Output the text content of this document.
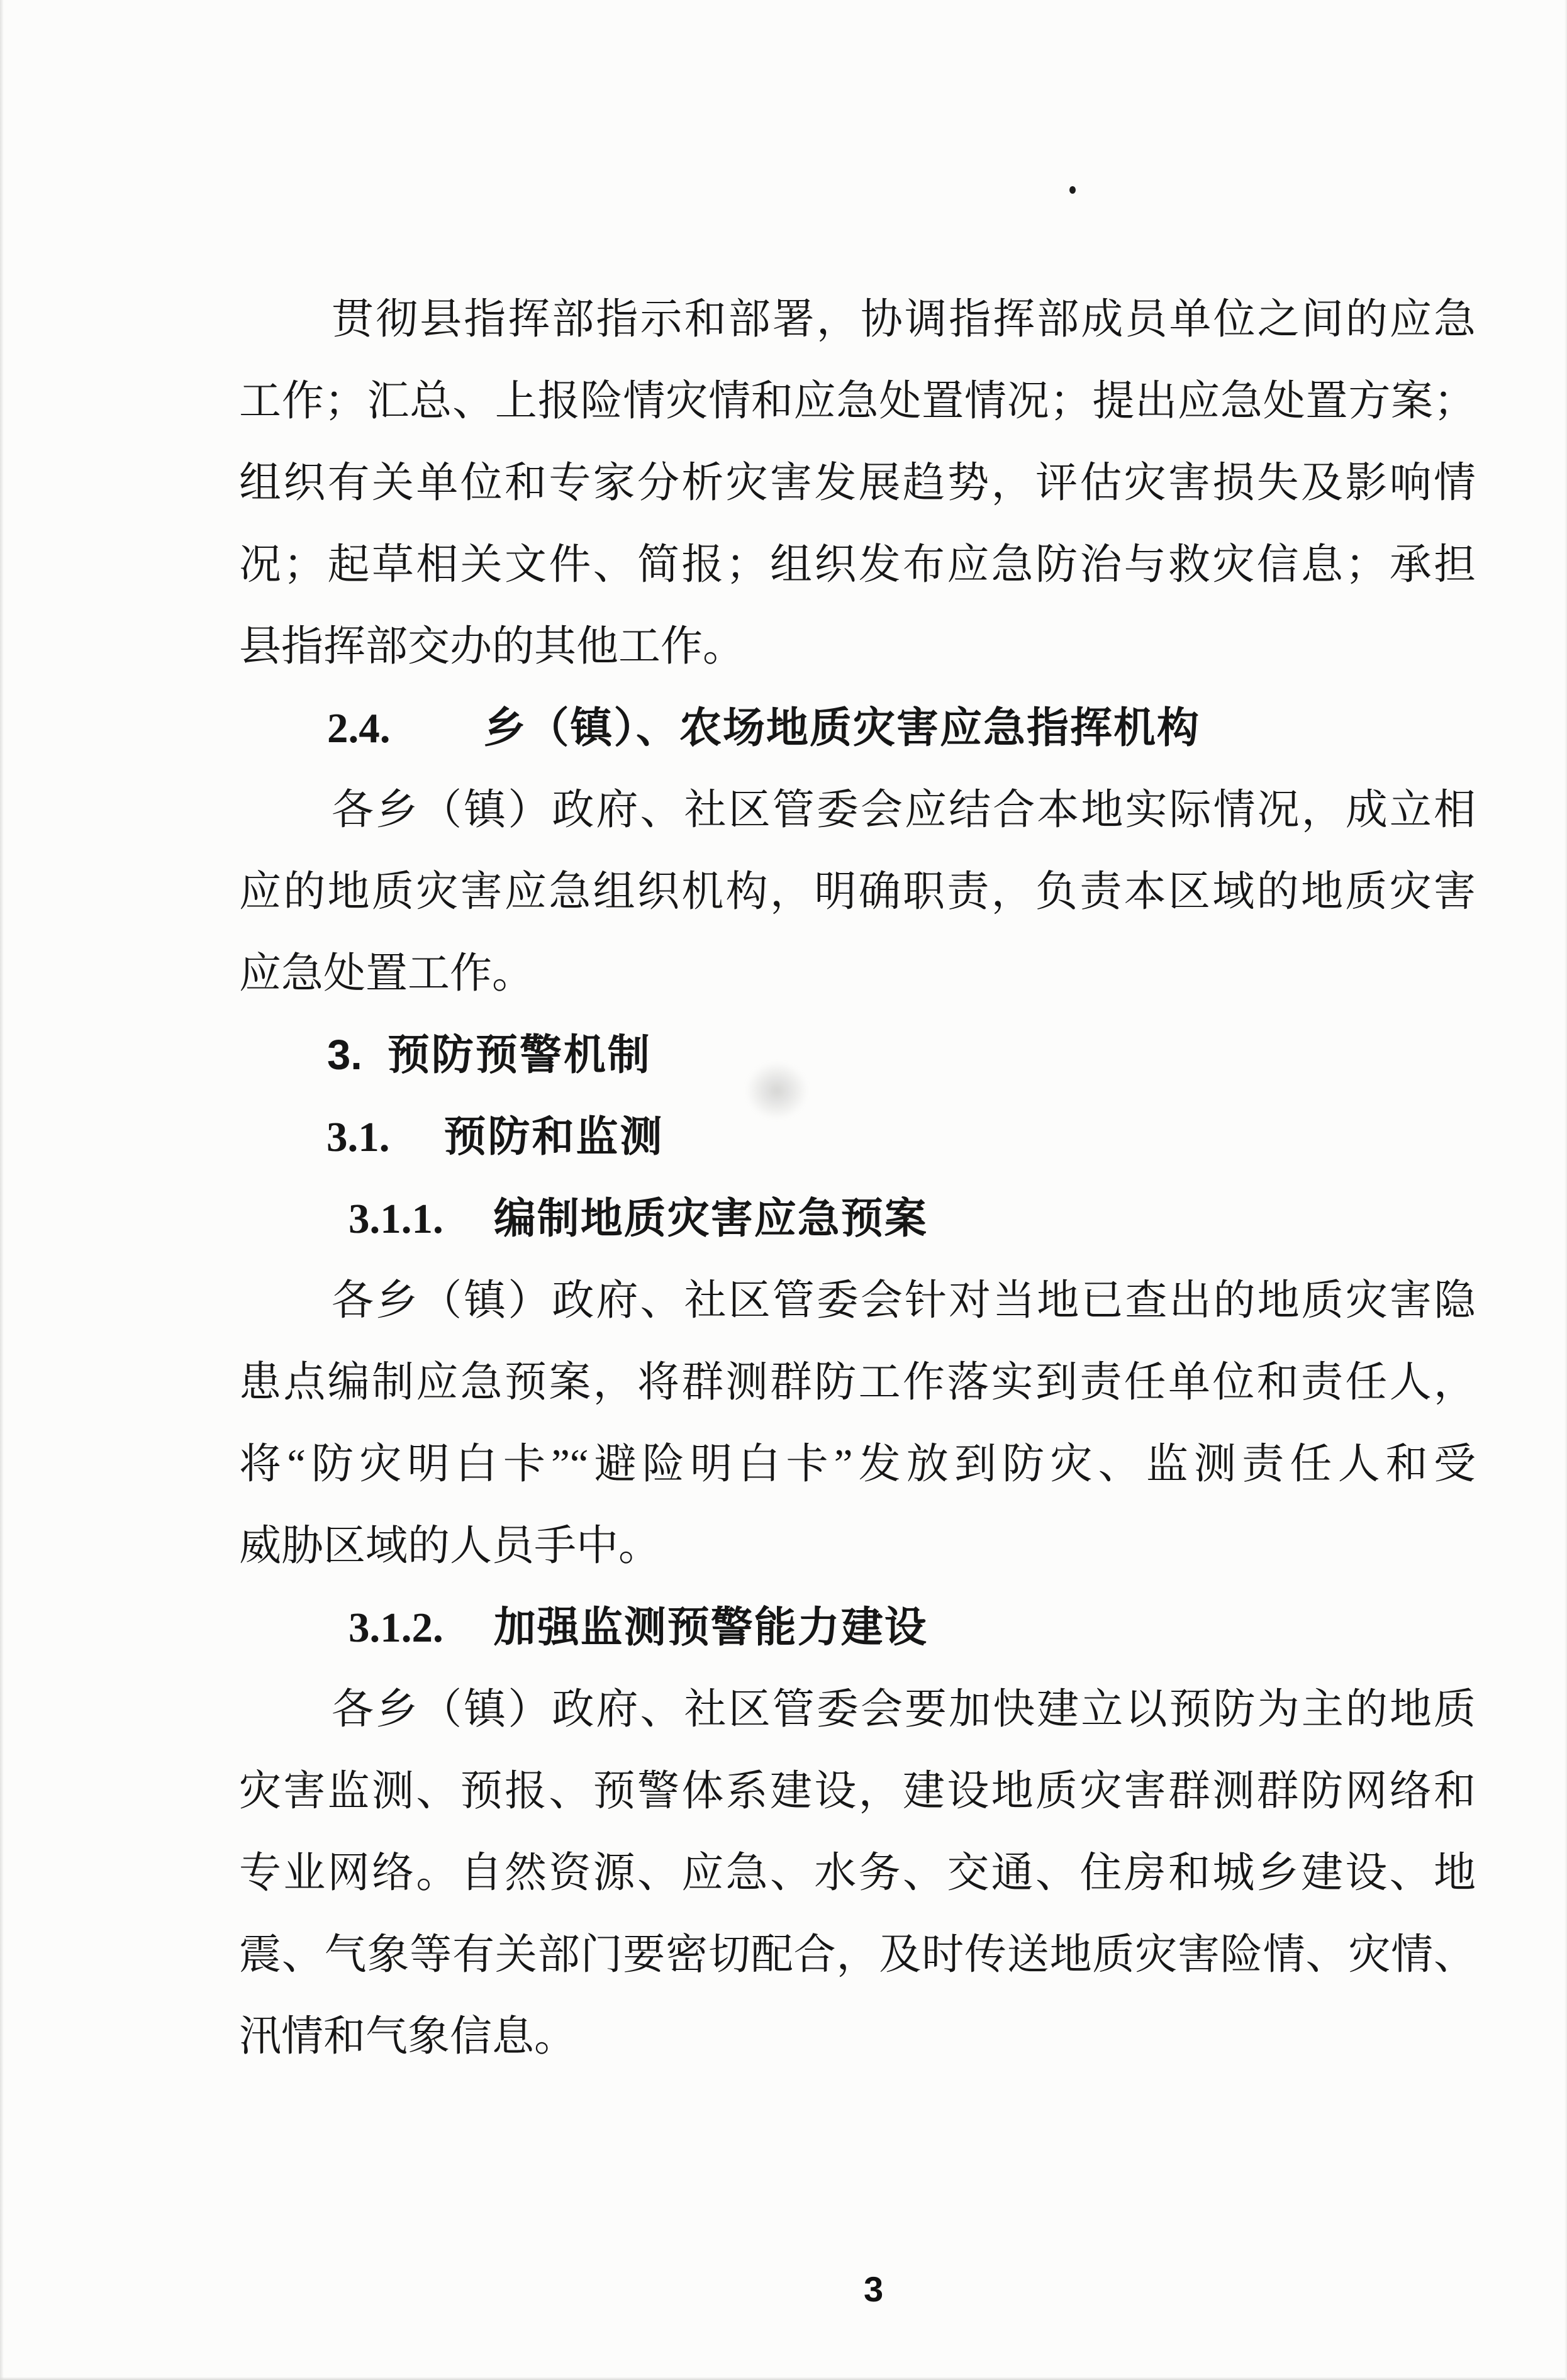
贯彻县指挥部指示和部署，协调指挥部成员单位之间的应急
工作；汇总、上报险情灾情和应急处置情况；提出应急处置方案；
组织有关单位和专家分析灾害发展趋势，评估灾害损失及影响情
况；起草相关文件、简报；组织发布应急防治与救灾信息；承担
县指挥部交办的其他工作。
2.4. 乡（镇）、农场地质灾害应急指挥机构
各乡（镇）政府、社区管委会应结合本地实际情况，成立相
应的地质灾害应急组织机构，明确职责，负责本区域的地质灾害
应急处置工作。
3. 预防预警机制
3.1. 预防和监测
3.1.1. 编制地质灾害应急预案
各乡（镇）政府、社区管委会针对当地已查出的地质灾害隐
患点编制应急预案，将群测群防工作落实到责任单位和责任人，
将“防灾明白卡”“避险明白卡”发放到防灾、监测责任人和受
威胁区域的人员手中。
3.1.2. 加强监测预警能力建设
各乡（镇）政府、社区管委会要加快建立以预防为主的地质
灾害监测、预报、预警体系建设，建设地质灾害群测群防网络和
专业网络。自然资源、应急、水务、交通、住房和城乡建设、地
震、气象等有关部门要密切配合，及时传送地质灾害险情、灾情、
汛情和气象信息。
3
